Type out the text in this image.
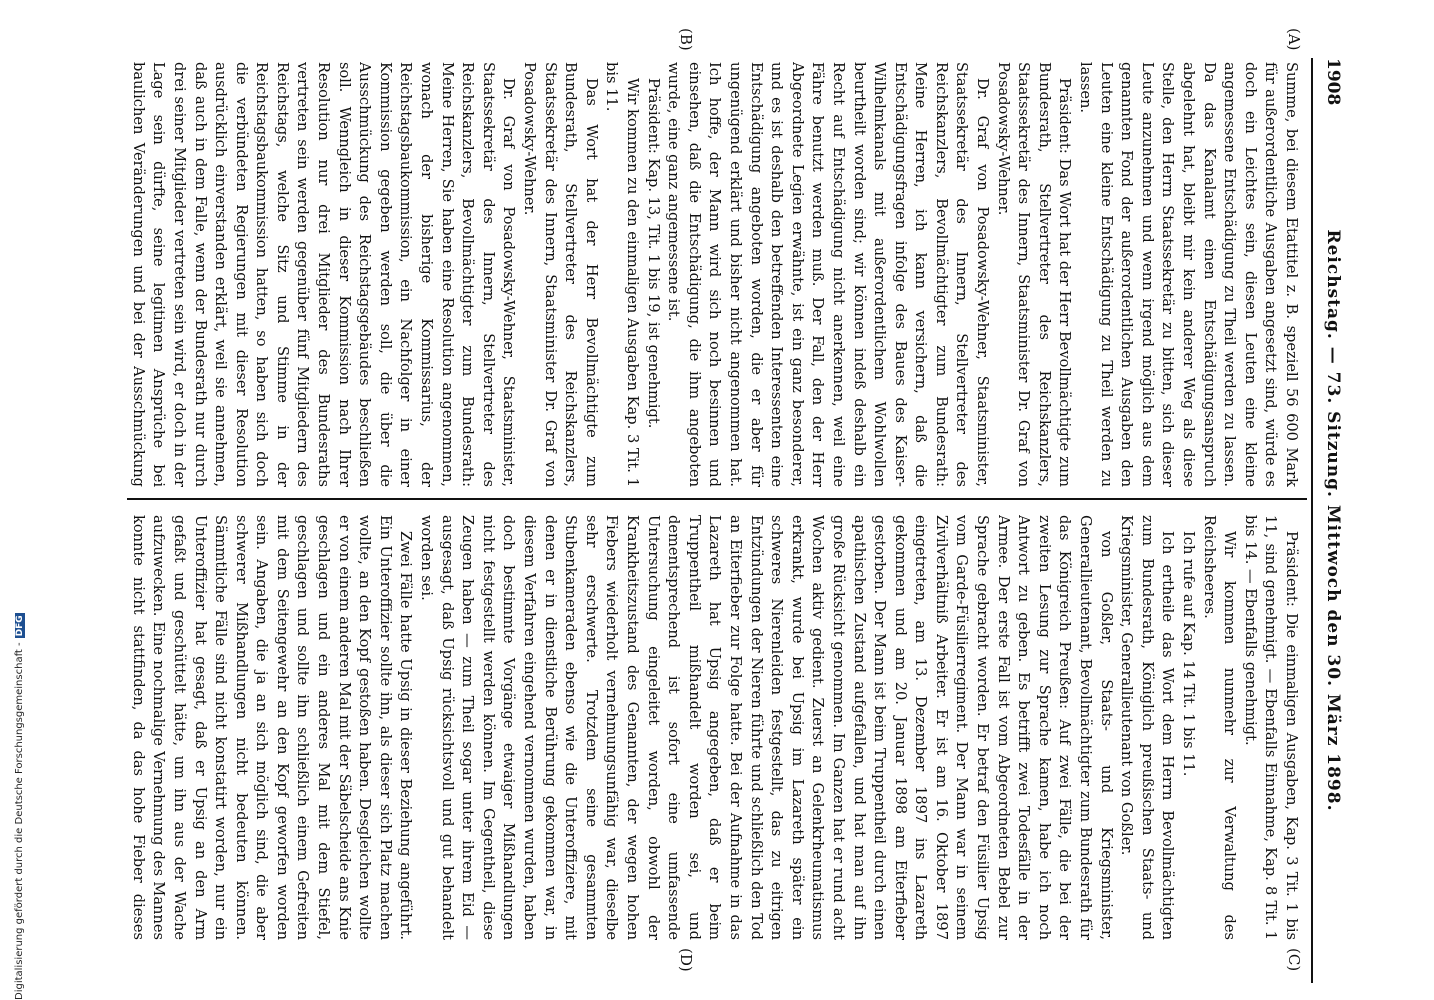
1908
Reichstag. — 73. Sitzung. Mittwoch den 30. März 1898.
(A)
(B)
(C)
(D)

Summe, bei diesem Etattitel z. B. speziell 56 600 Mark für außerordentliche Ausgaben angesetzt sind, würde es doch ein Leichtes sein, diesen Leuten eine kleine angemessene Entschädigung zu Theil werden zu lassen. Da das Kanalamt einen Entschädigungsanspruch abgelehnt hat, bleibt mir kein anderer Weg als diese Stelle, den Herrn Staatssekretär zu bitten, sich dieser Leute anzunehmen und wenn irgend möglich aus dem genannten Fond der außerordentlichen Ausgaben den Leuten eine kleine Entschädigung zu Theil werden zu lassen.

Präsident: Das Wort hat der Herr Bevollmächtigte zum Bundesrath, Stellvertreter des Reichskanzlers, Staatssekretär des Innern, Staatsminister Dr. Graf von Posadowsky-Wehner.

Dr. Graf von Posadowsky-Wehner, Staatsminister, Staatssekretär des Innern, Stellvertreter des Reichskanzlers, Bevollmächtigter zum Bundesrath: Meine Herren, ich kann versichern, daß die Entschädigungsfragen infolge des Baues des Kaiser-Wilhelmkanals mit außerordentlichem Wohlwollen beurtheilt worden sind; wir können indeß deshalb ein Recht auf Entschädigung nicht anerkennen, weil eine Fähre benutzt werden muß. Der Fall, den der Herr Abgeordnete Legien erwähnte, ist ein ganz besonderer, und es ist deshalb den betreffenden Interessenten eine Entschädigung angeboten worden, die er aber für ungenügend erklärt und bisher nicht angenommen hat. Ich hoffe, der Mann wird sich noch besinnen und einsehen, daß die Entschädigung, die ihm angeboten wurde, eine ganz angemessene ist.

Präsident: Kap. 13, Tit. 1 bis 19, ist genehmigt.

Wir kommen zu den einmaligen Ausgaben Kap. 3 Tit. 1 bis 11.

Das Wort hat der Herr Bevollmächtigte zum Bundesrath, Stellvertreter des Reichskanzlers, Staatssekretär des Innern, Staatsminister Dr. Graf von Posadowsky-Wehner.

Dr. Graf von Posadowsky-Wehner, Staatsminister, Staatssekretär des Innern, Stellvertreter des Reichskanzlers, Bevollmächtigter zum Bundesrath: Meine Herren, Sie haben eine Resolution angenommen, wonach der bisherige Kommissarius, der Reichstagsbaukommission, ein Nachfolger in einer Kommission gegeben werden soll, die über die Ausschmückung des Reichstagsgebäudes beschließen soll. Wenngleich in dieser Kommission nach Ihrer Resolution nur drei Mitglieder des Bundesraths vertreten sein werden gegenüber fünf Mitgliedern des Reichstags, welche Sitz und Stimme in der Reichstagsbaukommission hatten, so haben sich doch die verbündeten Regierungen mit dieser Resolution ausdrücklich einverstanden erklärt, weil sie annehmen, daß auch in dem Falle, wenn der Bundesrath nur durch drei seiner Mitglieder vertreten sein wird, er doch in der Lage sein dürfte, seine legitimen Ansprüche bei baulichen Veränderungen und bei der Ausschmückung

Präsident: Die einmaligen Ausgaben, Kap. 3 Tit. 1 bis 11, sind genehmigt. — Ebenfalls Einnahme, Kap. 8 Tit. 1 bis 14. — Ebenfalls genehmigt.

Wir kommen nunmehr zur Verwaltung des Reichsheeres.

Ich rufe auf Kap. 14 Tit. 1 bis 11.

Ich ertheile das Wort dem Herrn Bevollmächtigten zum Bundesrath, Königlich preußischen Staats- und Kriegsminister, Generallieutenant von Goßler.

von Goßler, Staats- und Kriegsminister, Generallieutenant, Bevollmächtigter zum Bundesrath für das Königreich Preußen: Auf zwei Fälle, die bei der zweiten Lesung zur Sprache kamen, habe ich noch Antwort zu geben. Es betrifft zwei Todesfälle in der Armee. Der erste Fall ist vom Abgeordneten Bebel zur Sprache gebracht worden. Er betraf den Füsilier Upsig vom Garde-Füsilierregiment. Der Mann war in seinem Zivilverhältniß Arbeiter. Er ist am 16. Oktober 1897 eingetreten, am 13. Dezember 1897 ins Lazareth gekommen und am 20. Januar 1898 am Eiterfieber gestorben. Der Mann ist beim Truppentheil durch einen apathischen Zustand aufgefallen, und hat man auf ihn große Rücksicht genommen. Im Ganzen hat er rund acht Wochen aktiv gedient. Zuerst an Gelenkrheumatismus erkrankt, wurde bei Upsig im Lazareth später ein schweres Nierenleiden festgestellt, das zu eitrigen Entzündungen der Nieren führte und schließlich den Tod an Eiterfieber zur Folge hatte. Bei der Aufnahme in das Lazareth hat Upsig angegeben, daß er beim Truppentheil mißhandelt worden sei, und dementsprechend ist sofort eine umfassende Untersuchung eingeleitet worden, obwohl der Krankheitszustand des Genannten, der wegen hohen Fiebers wiederholt vernehmungsunfähig war, dieselbe sehr erschwerte. Trotzdem seine gesammten Stubenkameraden ebenso wie die Unteroffiziere, mit denen er in dienstliche Berührung gekommen war, in diesem Verfahren eingehend vernommen wurden, haben doch bestimmte Vorgänge etwaiger Mißhandlungen nicht festgestellt werden können. Im Gegentheil, diese Zeugen haben — zum Theil sogar unter ihrem Eid — ausgesagt, daß Upsig rücksichtsvoll und gut behandelt worden sei.

Zwei Fälle hatte Upsig in dieser Beziehung angeführt. Ein Unteroffizier sollte ihn, als dieser sich Platz machen wollte, an den Kopf gestoßen haben. Desgleichen wollte er von einem anderen Mal mit der Säbelscheide ans Knie geschlagen und ein anderes Mal mit dem Stiefel, geschlagen und sollte ihn schließlich einem Gefreiten mit dem Seitengewehr an den Kopf geworfen worden sein. Angaben, die ja an sich möglich sind, die aber schwerer Mißhandlungen nicht bedeuten können. Sämmtliche Fälle sind nicht konstatirt worden, nur ein Unteroffizier hat gesagt, daß er Upsig an den Arm gefaßt und geschüttelt hätte, um ihn aus der Wache aufzuwecken. Eine nochmalige Vernehmung des Mannes konnte nicht stattfinden, da das hohe Fieber dieses

Digitalisierung gefördert durch die Deutsche Forschungsgemeinschaft -DFG
